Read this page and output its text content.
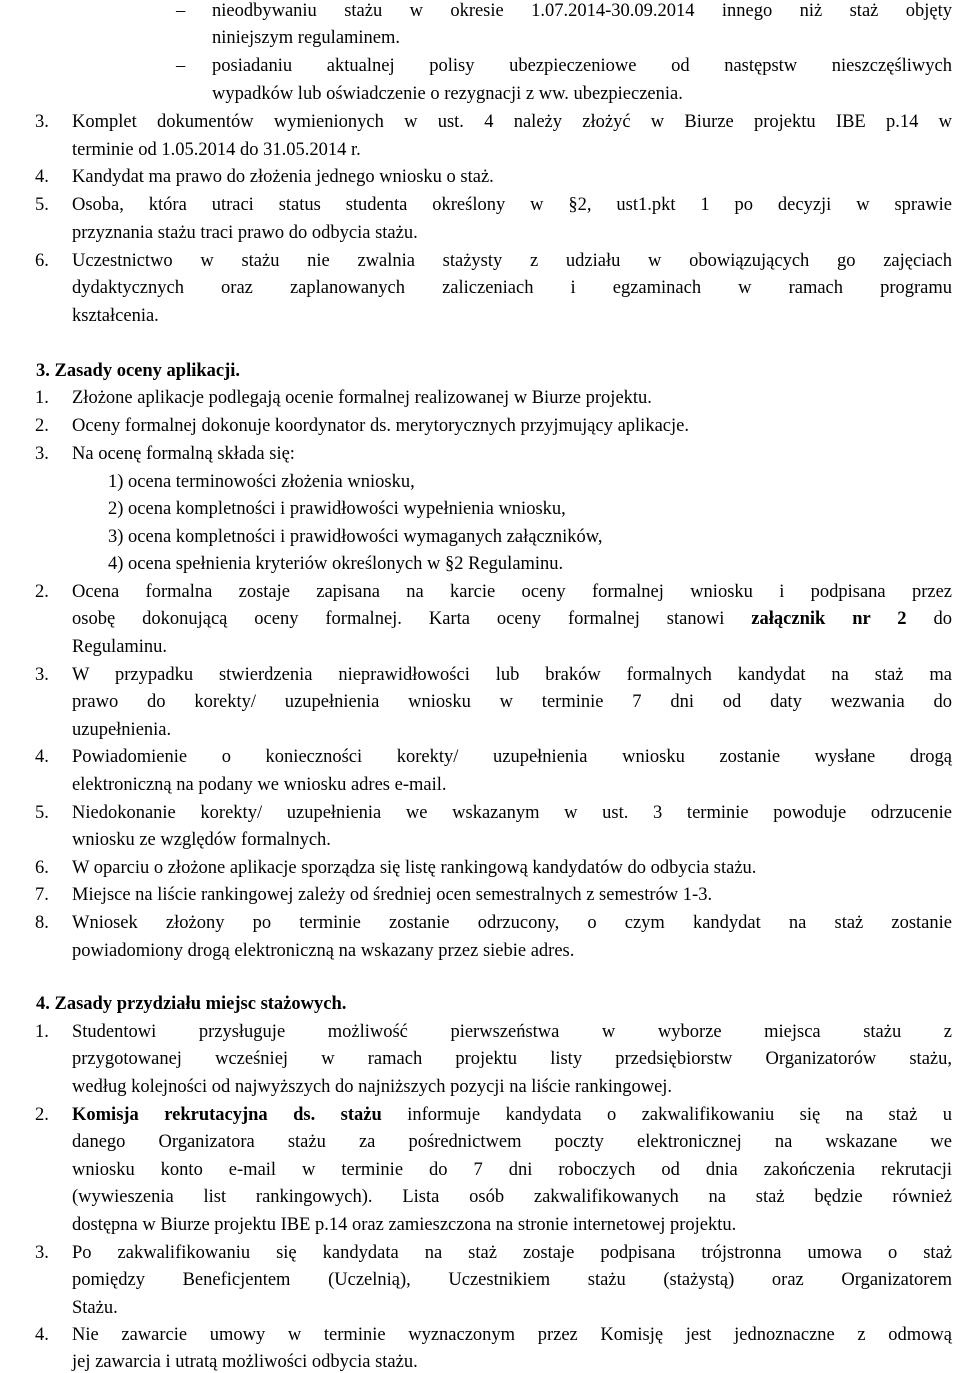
– nieodbywaniu stażu w okresie 1.07.2014-30.09.2014 innego niż staż objęty
niniejszym regulaminem.
– posiadaniu aktualnej polisy ubezpieczeniowe od następstw nieszczęśliwych
wypadków lub oświadczenie o rezygnacji z ww. ubezpieczenia.
3. Komplet dokumentów wymienionych w ust. 4 należy złożyć w Biurze projektu IBE p.14 w
terminie od 1.05.2014 do 31.05.2014 r.
4. Kandydat ma prawo do złożenia jednego wniosku o staż.
5. Osoba, która utraci status studenta określony w §2, ust1.pkt 1 po decyzji w sprawie
przyznania stażu traci prawo do odbycia stażu.
6. Uczestnictwo w stażu nie zwalnia stażysty z udziału w obowiązujących go zajęciach
dydaktycznych oraz zaplanowanych zaliczeniach i egzaminach w ramach programu
kształcenia.
3. Zasady oceny aplikacji.
1. Złożone aplikacje podlegają ocenie formalnej realizowanej w Biurze projektu.
2. Oceny formalnej dokonuje koordynator ds. merytorycznych przyjmujący aplikacje.
3. Na ocenę formalną składa się:
1) ocena terminowości złożenia wniosku,
2) ocena kompletności i prawidłowości wypełnienia wniosku,
3) ocena kompletności i prawidłowości wymaganych załączników,
4) ocena spełnienia kryteriów określonych w §2 Regulaminu.
2. Ocena formalna zostaje zapisana na karcie oceny formalnej wniosku i podpisana przez
osobę dokonującą oceny formalnej. Karta oceny formalnej stanowi załącznik nr 2 do
Regulaminu.
3. W przypadku stwierdzenia nieprawidłowości lub braków formalnych kandydat na staż ma
prawo do korekty/ uzupełnienia wniosku w terminie 7 dni od daty wezwania do
uzupełnienia.
4. Powiadomienie o konieczności korekty/ uzupełnienia wniosku zostanie wysłane drogą
elektroniczną na podany we wniosku adres e-mail.
5. Niedokonanie korekty/ uzupełnienia we wskazanym w ust. 3 terminie powoduje odrzucenie
wniosku ze względów formalnych.
6. W oparciu o złożone aplikacje sporządza się listę rankingową kandydatów do odbycia stażu.
7. Miejsce na liście rankingowej zależy od średniej ocen semestralnych z semestrów 1-3.
8. Wniosek złożony po terminie zostanie odrzucony, o czym kandydat na staż zostanie
powiadomiony drogą elektroniczną na wskazany przez siebie adres.
4. Zasady przydziału miejsc stażowych.
1. Studentowi przysługuje możliwość pierwszeństwa w wyborze miejsca stażu z
przygotowanej wcześniej w ramach projektu listy przedsiębiorstw Organizatorów stażu,
według kolejności od najwyższych do najniższych pozycji na liście rankingowej.
2. Komisja rekrutacyjna ds. stażu informuje kandydata o zakwalifikowaniu się na staż u
danego Organizatora stażu za pośrednictwem poczty elektronicznej na wskazane we
wniosku konto e-mail w terminie do 7 dni roboczych od dnia zakończenia rekrutacji
(wywieszenia list rankingowych). Lista osób zakwalifikowanych na staż będzie również
dostępna w Biurze projektu IBE p.14 oraz zamieszczona na stronie internetowej projektu.
3. Po zakwalifikowaniu się kandydata na staż zostaje podpisana trójstronna umowa o staż
pomiędzy Beneficjentem (Uczelnią), Uczestnikiem stażu (stażystą) oraz Organizatorem
Stażu.
4. Nie zawarcie umowy w terminie wyznaczonym przez Komisję jest jednoznaczne z odmową
jej zawarcia i utratą możliwości odbycia stażu.
